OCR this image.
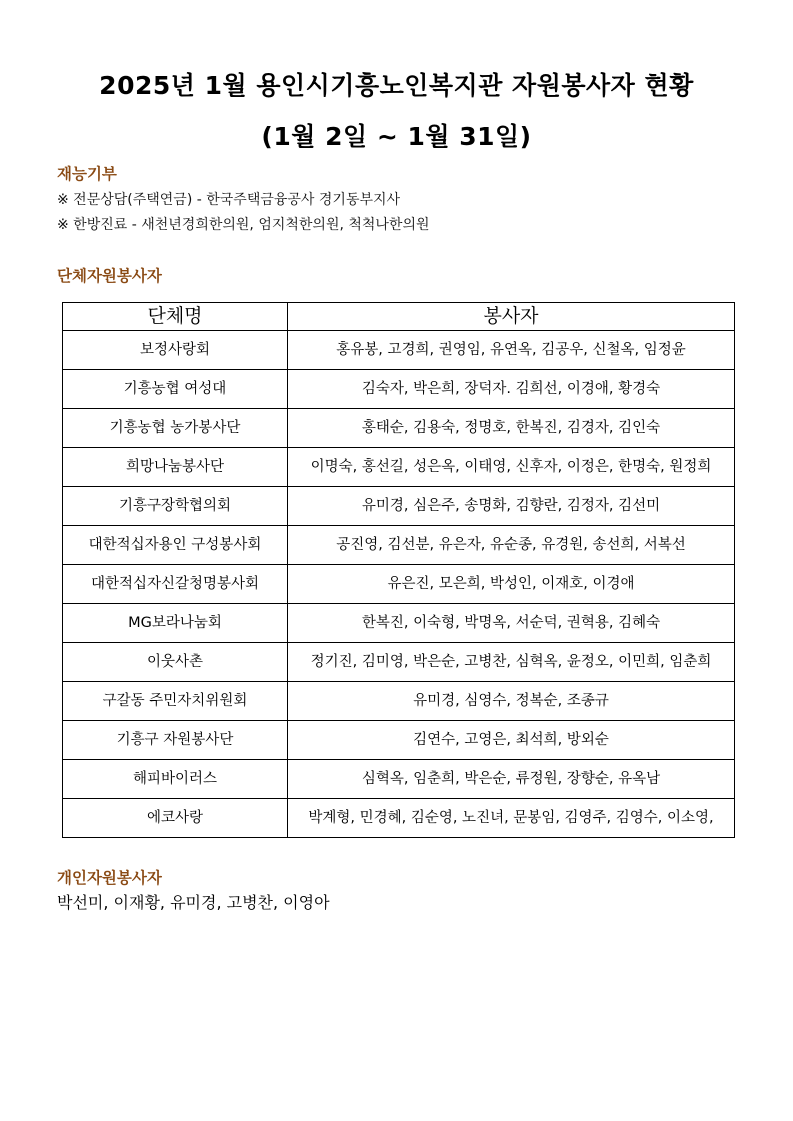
2025년 1월 용인시기흥노인복지관 자원봉사자 현황
(1월 2일 ~ 1월 31일)
재능기부
※ 전문상담(주택연금) - 한국주택금융공사 경기동부지사
※ 한방진료 - 새천년경희한의원, 엄지척한의원, 척척나한의원
단체자원봉사자
단체명	봉사자
보정사랑회	홍유봉, 고경희, 권영임, 유연옥, 김공우, 신철옥, 임정윤
기흥농협 여성대	김숙자, 박은희, 장덕자. 김희선, 이경애, 황경숙
기흥농협 농가봉사단	홍태순, 김용숙, 정명호, 한복진, 김경자, 김인숙
희망나눔봉사단	이명숙, 홍선길, 성은옥, 이태영, 신후자, 이정은, 한명숙, 원정희
기흥구장학협의회	유미경, 심은주, 송명화, 김향란, 김정자, 김선미
대한적십자용인 구성봉사회	공진영, 김선분, 유은자, 유순종, 유경원, 송선희, 서복선
대한적십자신갈청명봉사회	유은진, 모은희, 박성인, 이재호, 이경애
MG보라나눔회	한복진, 이숙형, 박명옥, 서순덕, 권혁용, 김혜숙
이웃사촌	정기진, 김미영, 박은순, 고병찬, 심혁옥, 윤정오, 이민희, 임춘희
구갈동 주민자치위원회	유미경, 심영수, 정복순, 조종규
기흥구 자원봉사단	김연수, 고영은, 최석희, 방외순
해피바이러스	심혁옥, 임춘희, 박은순, 류정원, 장향순, 유옥남
에코사랑	박계형, 민경혜, 김순영, 노진녀, 문봉임, 김영주, 김영수, 이소영,
개인자원봉사자
박선미, 이재황, 유미경, 고병찬, 이영아
